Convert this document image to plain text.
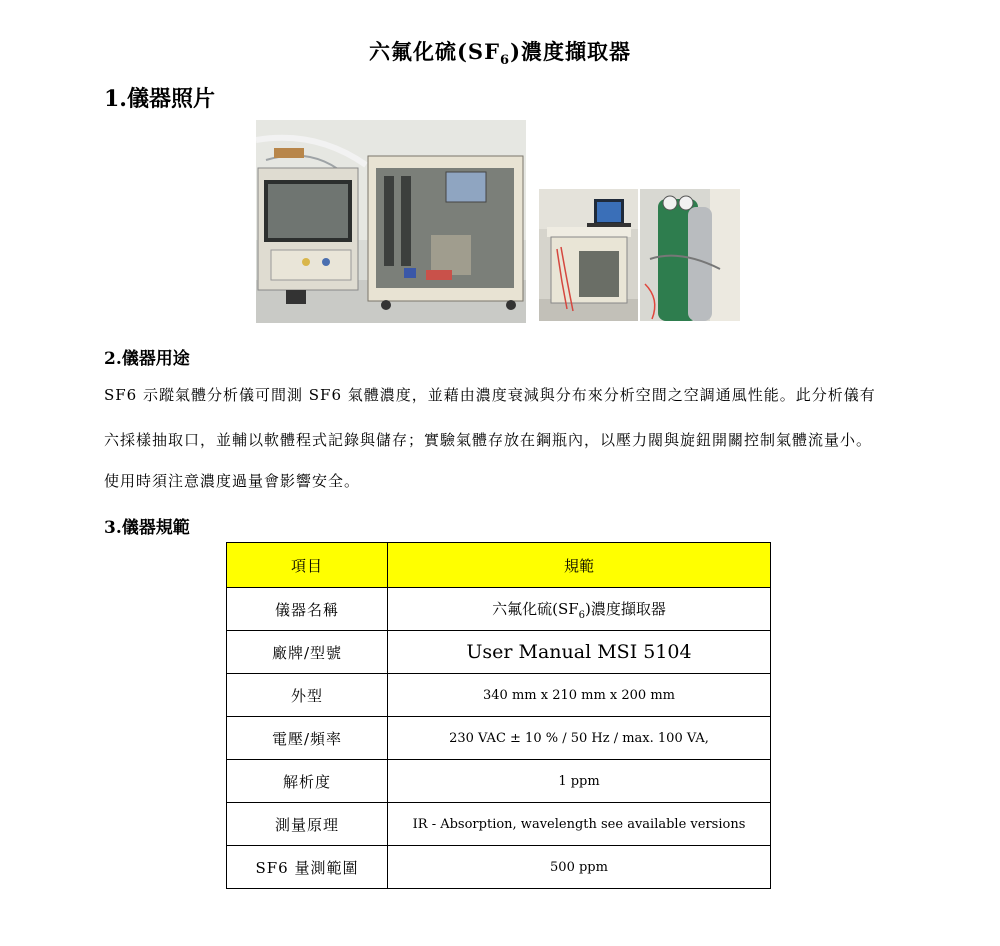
六氟化硫$(SF_6)$濃度擷取器
1.儀器照片
2.儀器用途
SF6 示蹤氣體分析儀可間測 SF6 氣體濃度，並藉由濃度衰減與分布來分析空間之空調通風性能。此分析儀有
六採樣抽取口，並輔以軟體程式記錄與儲存；實驗氣體存放在鋼瓶內，以壓力閥與旋鈕開關控制氣體流量小。
使用時須注意濃度過量會影響安全。
3.儀器規範
項目	規範
儀器名稱	六氟化硫$(SF_6)$濃度擷取器
廠牌/型號	User Manual MSI 5104
外型	340 mm x 210 mm x 200 mm
電壓/頻率	230 VAC ± 10 % / 50 Hz / max. 100 VA,
解析度	1 ppm
測量原理	IR - Absorption, wavelength see available versions
SF6 量測範圍	500 ppm
